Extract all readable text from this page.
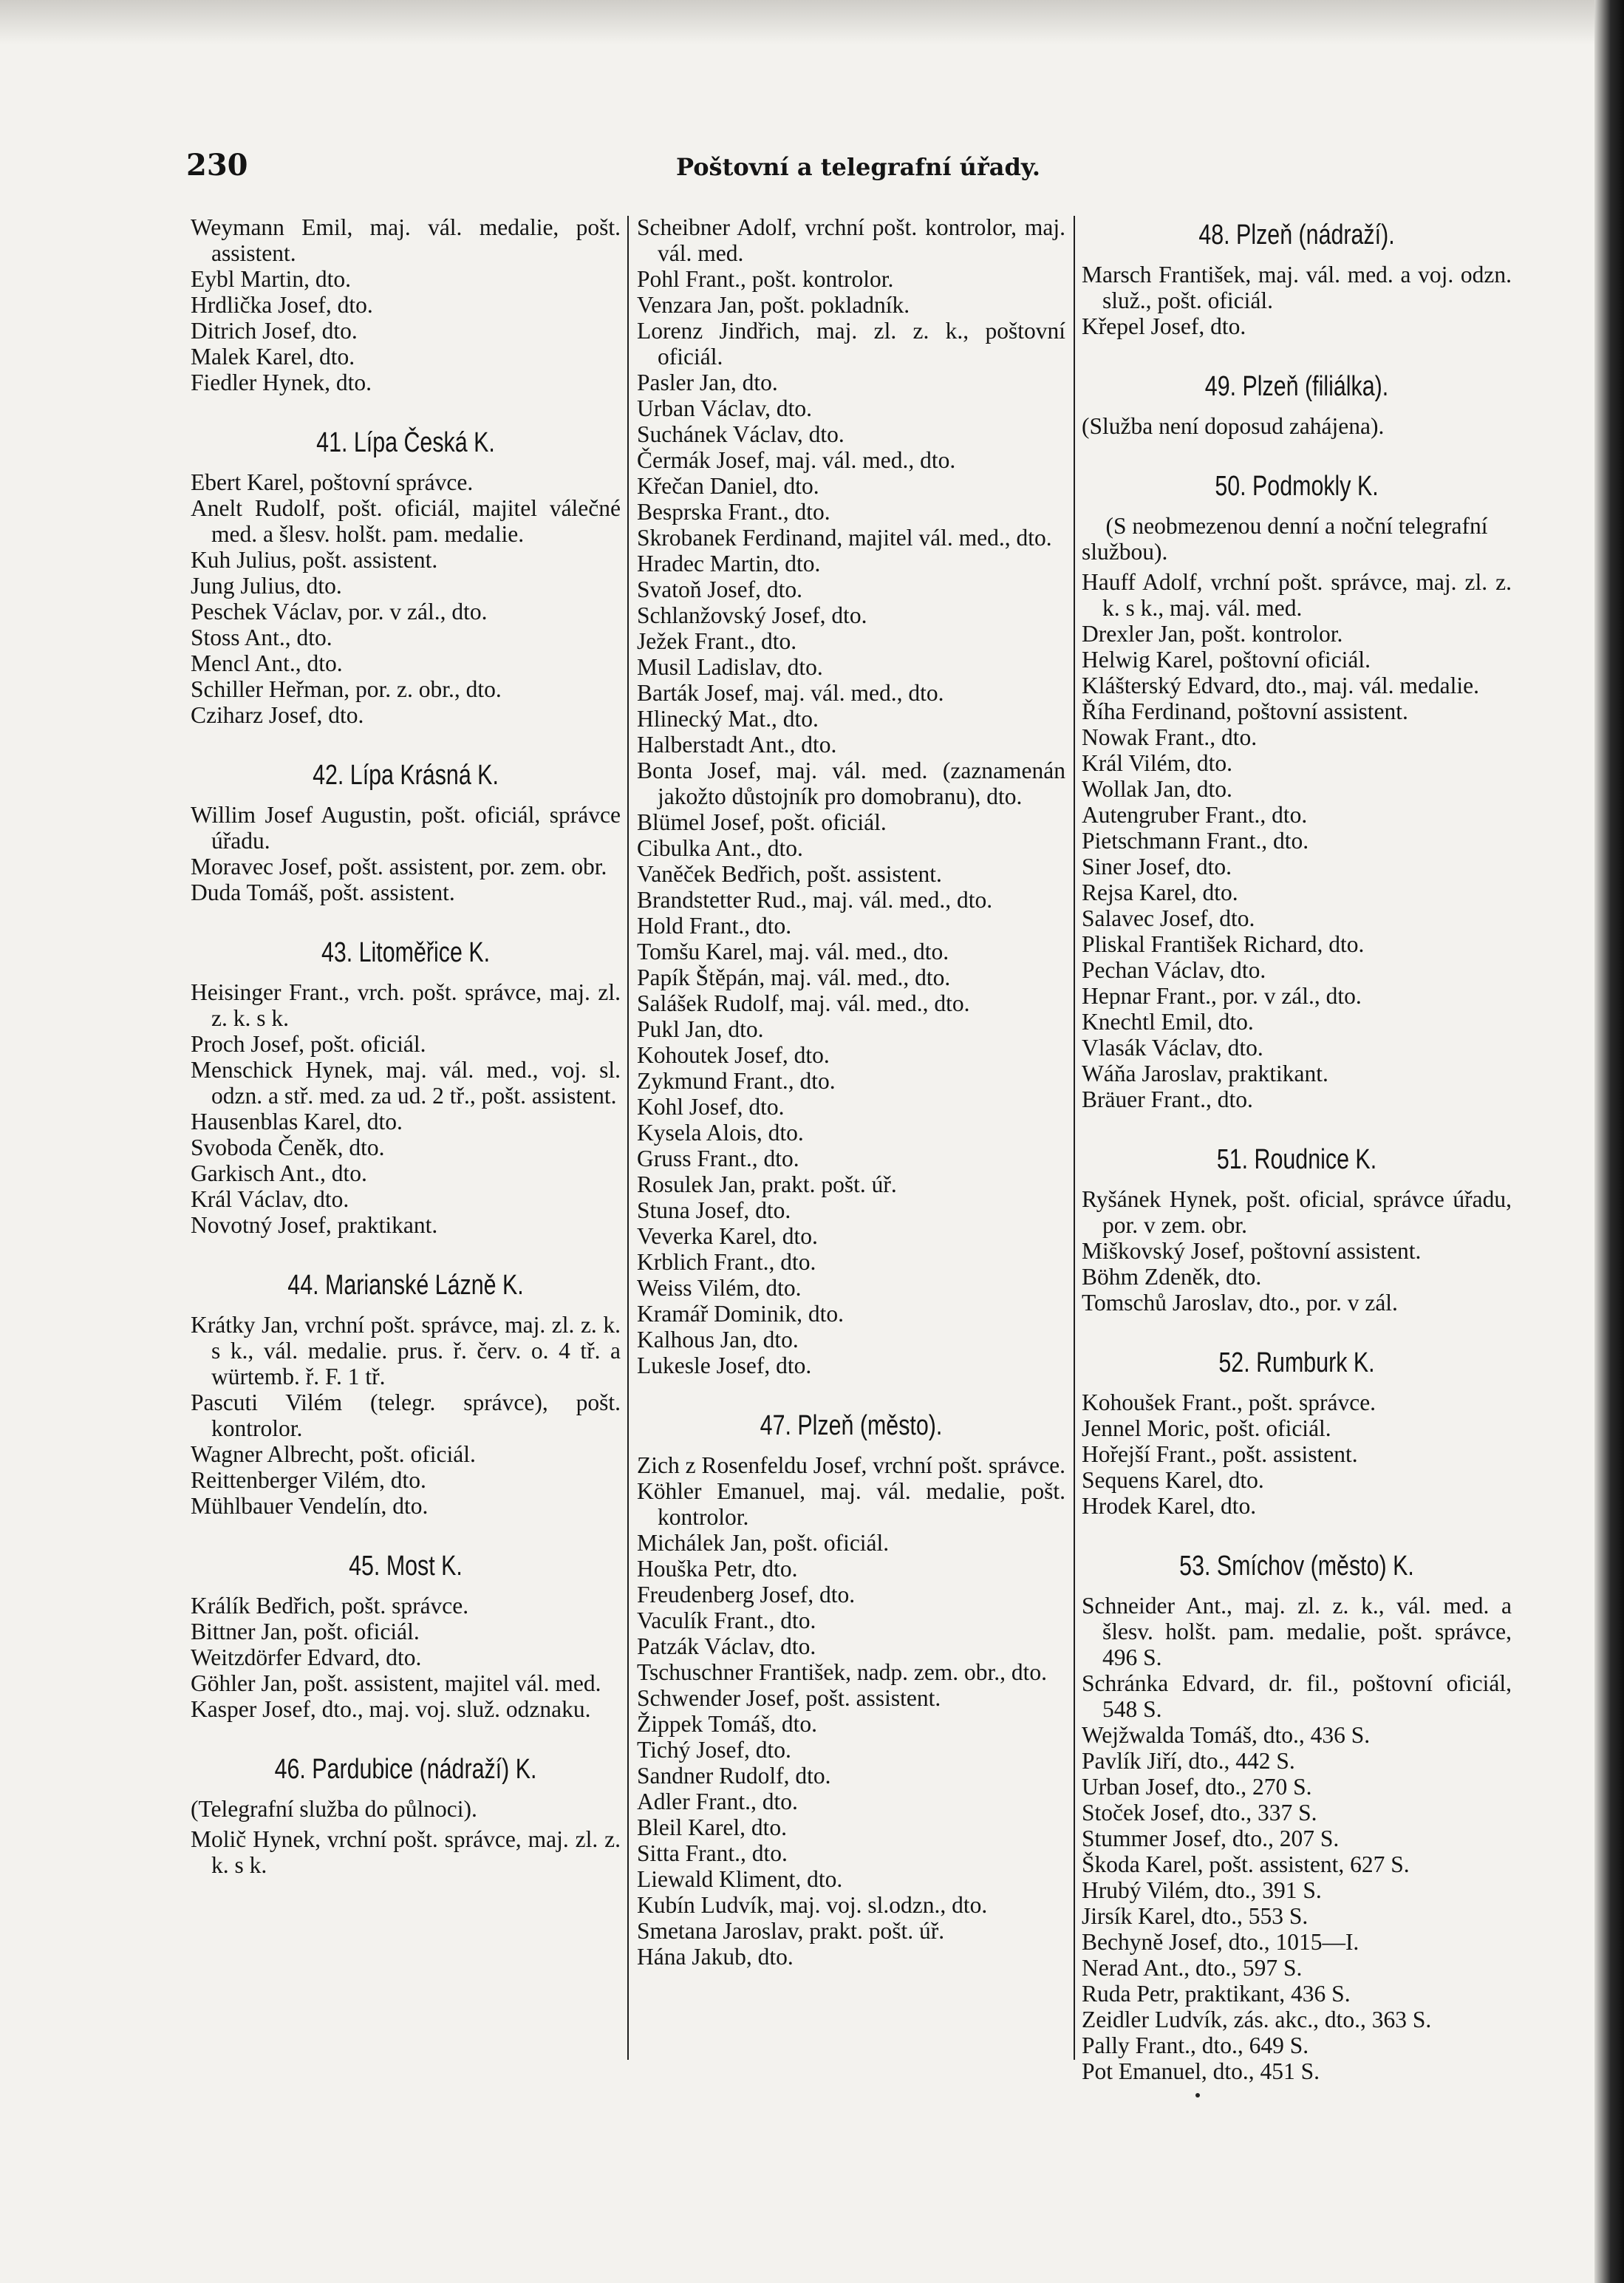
230	Poštovní a telegrafní úřady.
Weymann Emil, maj. vál. medalie, pošt. assistent.
Eybl Martin, dto.
Hrdlička Josef, dto.
Ditrich Josef, dto.
Malek Karel, dto.
Fiedler Hynek, dto.
41. Lípa Česká K.
Ebert Karel, poštovní správce.
Anelt Rudolf, pošt. oficiál, majitel válečné med. a šlesv. holšt. pam. medalie.
Kuh Julius, pošt. assistent.
Jung Julius, dto.
Peschek Václav, por. v zál., dto.
Stoss Ant., dto.
Mencl Ant., dto.
Schiller Heřman, por. z. obr., dto.
Cziharz Josef, dto.
42. Lípa Krásná K.
Willim Josef Augustin, pošt. oficiál, správce úřadu.
Moravec Josef, pošt. assistent, por. zem. obr.
Duda Tomáš, pošt. assistent.
43. Litoměřice K.
Heisinger Frant., vrch. pošt. správce, maj. zl. z. k. s k.
Proch Josef, pošt. oficiál.
Menschick Hynek, maj. vál. med., voj. sl. odzn. a stř. med. za ud. 2 tř., pošt. assistent.
Hausenblas Karel, dto.
Svoboda Čeněk, dto.
Garkisch Ant., dto.
Král Václav, dto.
Novotný Josef, praktikant.
44. Marianské Lázně K.
Krátky Jan, vrchní pošt. správce, maj. zl. z. k. s k., vál. medalie. prus. ř. červ. o. 4 tř. a würtemb. ř. F. 1 tř.
Pascuti Vilém (telegr. správce), pošt. kontrolor.
Wagner Albrecht, pošt. oficiál.
Reittenberger Vilém, dto.
Mühlbauer Vendelín, dto.
45. Most K.
Králík Bedřich, pošt. správce.
Bittner Jan, pošt. oficiál.
Weitzdörfer Edvard, dto.
Göhler Jan, pošt. assistent, majitel vál. med.
Kasper Josef, dto., maj. voj. služ. odznaku.
46. Pardubice (nádraží) K.
(Telegrafní služba do půlnoci).
Molič Hynek, vrchní pošt. správce, maj. zl. z. k. s k.
Scheibner Adolf, vrchní pošt. kontrolor, maj. vál. med.
Pohl Frant., pošt. kontrolor.
Venzara Jan, pošt. pokladník.
Lorenz Jindřich, maj. zl. z. k., poštovní oficiál.
Pasler Jan, dto.
Urban Václav, dto.
Suchánek Václav, dto.
Čermák Josef, maj. vál. med., dto.
Křečan Daniel, dto.
Besprska Frant., dto.
Skrobanek Ferdinand, majitel vál. med., dto.
Hradec Martin, dto.
Svatoň Josef, dto.
Schlanžovský Josef, dto.
Ježek Frant., dto.
Musil Ladislav, dto.
Barták Josef, maj. vál. med., dto.
Hlinecký Mat., dto.
Halberstadt Ant., dto.
Bonta Josef, maj. vál. med. (zaznamenán jakožto důstojník pro domobranu), dto.
Blümel Josef, pošt. oficiál.
Cibulka Ant., dto.
Vaněček Bedřich, pošt. assistent.
Brandstetter Rud., maj. vál. med., dto.
Hold Frant., dto.
Tomšu Karel, maj. vál. med., dto.
Papík Štěpán, maj. vál. med., dto.
Salášek Rudolf, maj. vál. med., dto.
Pukl Jan, dto.
Kohoutek Josef, dto.
Zykmund Frant., dto.
Kohl Josef, dto.
Kysela Alois, dto.
Gruss Frant., dto.
Rosulek Jan, prakt. pošt. úř.
Stuna Josef, dto.
Veverka Karel, dto.
Krblich Frant., dto.
Weiss Vilém, dto.
Kramář Dominik, dto.
Kalhous Jan, dto.
Lukesle Josef, dto.
47. Plzeň (město).
Zich z Rosenfeldu Josef, vrchní pošt. správce.
Köhler Emanuel, maj. vál. medalie, pošt. kontrolor.
Michálek Jan, pošt. oficiál.
Houška Petr, dto.
Freudenberg Josef, dto.
Vaculík Frant., dto.
Patzák Václav, dto.
Tschuschner František, nadp. zem. obr., dto.
Schwender Josef, pošt. assistent.
Žippek Tomáš, dto.
Tichý Josef, dto.
Sandner Rudolf, dto.
Adler Frant., dto.
Bleil Karel, dto.
Sitta Frant., dto.
Liewald Kliment, dto.
Kubín Ludvík, maj. voj. sl.odzn., dto.
Smetana Jaroslav, prakt. pošt. úř.
Hána Jakub, dto.
48. Plzeň (nádraží).
Marsch František, maj. vál. med. a voj. odzn. služ., pošt. oficiál.
Křepel Josef, dto.
49. Plzeň (filiálka).
(Služba není doposud zahájena).
50. Podmokly K.
(S neobmezenou denní a noční telegrafní službou).
Hauff Adolf, vrchní pošt. správce, maj. zl. z. k. s k., maj. vál. med.
Drexler Jan, pošt. kontrolor.
Helwig Karel, poštovní oficiál.
Klášterský Edvard, dto., maj. vál. medalie.
Říha Ferdinand, poštovní assistent.
Nowak Frant., dto.
Král Vilém, dto.
Wollak Jan, dto.
Autengruber Frant., dto.
Pietschmann Frant., dto.
Siner Josef, dto.
Rejsa Karel, dto.
Salavec Josef, dto.
Pliskal František Richard, dto.
Pechan Václav, dto.
Hepnar Frant., por. v zál., dto.
Knechtl Emil, dto.
Vlasák Václav, dto.
Wáňa Jaroslav, praktikant.
Bräuer Frant., dto.
51. Roudnice K.
Ryšánek Hynek, pošt. oficial, správce úřadu, por. v zem. obr.
Miškovský Josef, poštovní assistent.
Böhm Zdeněk, dto.
Tomschů Jaroslav, dto., por. v zál.
52. Rumburk K.
Kohoušek Frant., pošt. správce.
Jennel Moric, pošt. oficiál.
Hořejší Frant., pošt. assistent.
Sequens Karel, dto.
Hrodek Karel, dto.
53. Smíchov (město) K.
Schneider Ant., maj. zl. z. k., vál. med. a šlesv. holšt. pam. medalie, pošt. správce, 496 S.
Schránka Edvard, dr. fil., poštovní oficiál, 548 S.
Wejžwalda Tomáš, dto., 436 S.
Pavlík Jiří, dto., 442 S.
Urban Josef, dto., 270 S.
Stoček Josef, dto., 337 S.
Stummer Josef, dto., 207 S.
Škoda Karel, pošt. assistent, 627 S.
Hrubý Vilém, dto., 391 S.
Jirsík Karel, dto., 553 S.
Bechyně Josef, dto., 1015—I.
Nerad Ant., dto., 597 S.
Ruda Petr, praktikant, 436 S.
Zeidler Ludvík, zás. akc., dto., 363 S.
Pally Frant., dto., 649 S.
Pot Emanuel, dto., 451 S.
